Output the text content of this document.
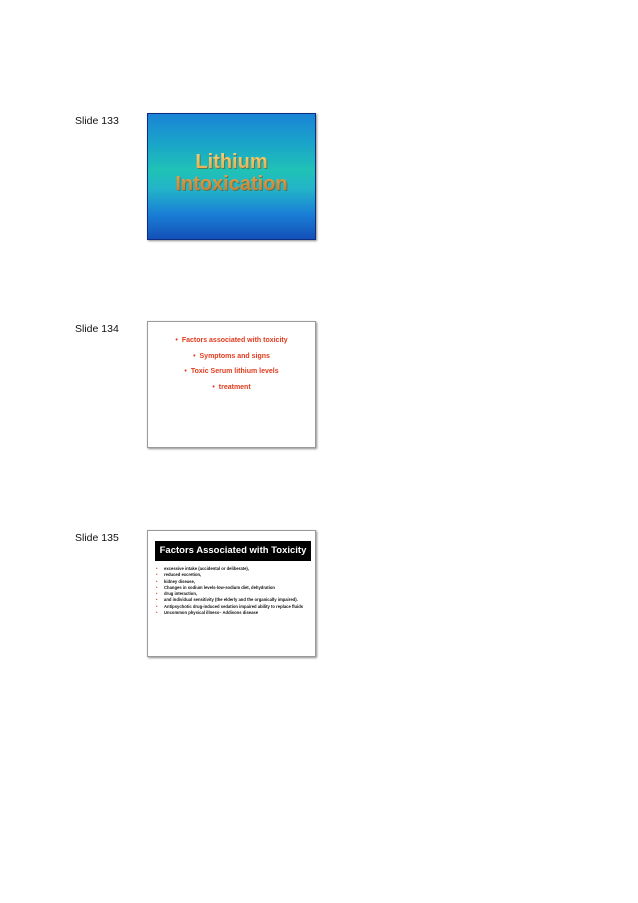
Slide 133
Lithium
Intoxication
Slide 134
• Factors associated with toxicity
• Symptoms and signs
• Toxic Serum lithium levels
• treatment
Slide 135
Factors Associated with Toxicity
• excessive intake (accidental or deliberate),
• reduced excretion,
• kidney disease,
• Changes in sodium levels-low-sodium diet, dehydration
• drug interaction,
• and individual sensitivity (the elderly and the organically impaired).
• Antipsychotic drug-induced sedation impaired ability to replace fluids
• Uncommon physical illness– Addisons disease
